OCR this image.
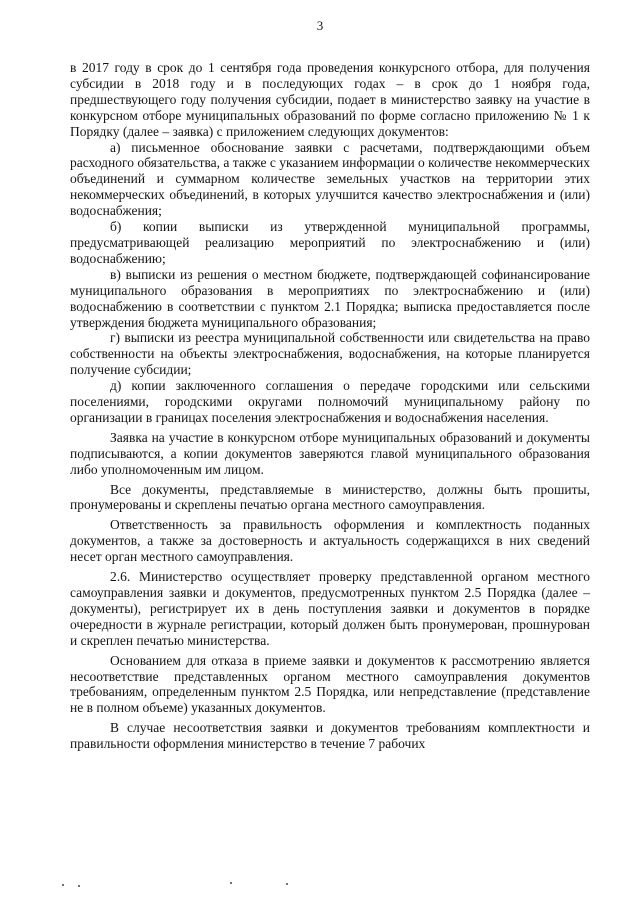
3

в 2017 году в срок до 1 сентября года проведения конкурсного отбора, для получения субсидии в 2018 году и в последующих годах – в срок до 1 ноября года, предшествующего году получения субсидии, подает в министерство заявку на участие в конкурсном отборе муниципальных образований по форме согласно приложению № 1 к Порядку (далее – заявка) с приложением следующих документов:

а) письменное обоснование заявки с расчетами, подтверждающими объем расходного обязательства, а также с указанием информации о количестве некоммерческих объединений и суммарном количестве земельных участков на территории этих некоммерческих объединений, в которых улучшится качество электроснабжения и (или) водоснабжения;

б) копии выписки из утвержденной муниципальной программы, предусматривающей реализацию мероприятий по электроснабжению и (или) водоснабжению;

в) выписки из решения о местном бюджете, подтверждающей софинансирование муниципального образования в мероприятиях по электроснабжению и (или) водоснабжению в соответствии с пунктом 2.1 Порядка; выписка предоставляется после утверждения бюджета муниципального образования;

г) выписки из реестра муниципальной собственности или свидетельства на право собственности на объекты электроснабжения, водоснабжения, на которые планируется получение субсидии;

д) копии заключенного соглашения о передаче городскими или сельскими поселениями, городскими округами полномочий муниципальному району по организации в границах поселения электроснабжения и водоснабжения населения.

Заявка на участие в конкурсном отборе муниципальных образований и документы подписываются, а копии документов заверяются главой муниципального образования либо уполномоченным им лицом.

Все документы, представляемые в министерство, должны быть прошиты, пронумерованы и скреплены печатью органа местного самоуправления.

Ответственность за правильность оформления и комплектность поданных документов, а также за достоверность и актуальность содержащихся в них сведений несет орган местного самоуправления.

2.6. Министерство осуществляет проверку представленной органом местного самоуправления заявки и документов, предусмотренных пунктом 2.5 Порядка (далее – документы), регистрирует их в день поступления заявки и документов в порядке очередности в журнале регистрации, который должен быть пронумерован, прошнурован и скреплен печатью министерства.

Основанием для отказа в приеме заявки и документов к рассмотрению является несоответствие представленных органом местного самоуправления документов требованиям, определенным пунктом 2.5 Порядка, или непредставление (представление не в полном объеме) указанных документов.

В случае несоответствия заявки и документов требованиям комплектности и правильности оформления министерство в течение 7 рабочих
